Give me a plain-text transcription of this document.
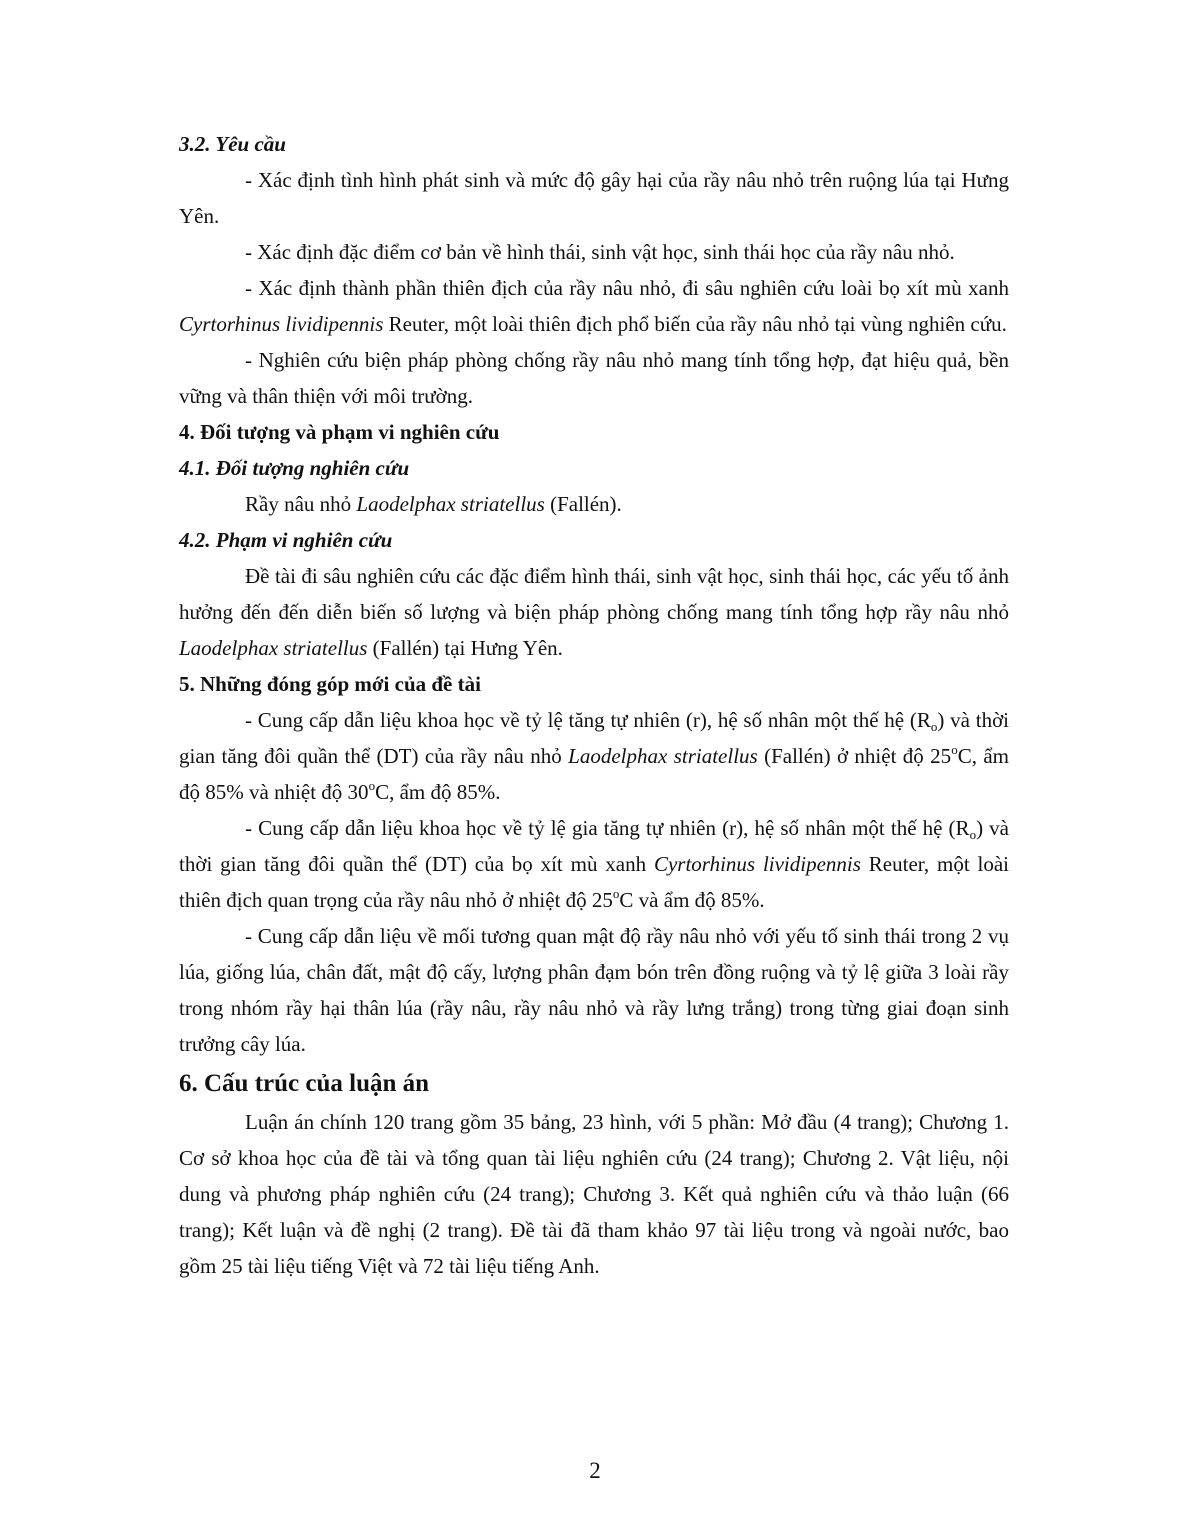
3.2. Yêu cầu

- Xác định tình hình phát sinh và mức độ gây hại của rầy nâu nhỏ trên ruộng lúa tại Hưng Yên.

- Xác định đặc điểm cơ bản về hình thái, sinh vật học, sinh thái học của rầy nâu nhỏ.

- Xác định thành phần thiên địch của rầy nâu nhỏ, đi sâu nghiên cứu loài bọ xít mù xanh Cyrtorhinus lividipennis Reuter, một loài thiên địch phổ biến của rầy nâu nhỏ tại vùng nghiên cứu.

- Nghiên cứu biện pháp phòng chống rầy nâu nhỏ mang tính tổng hợp, đạt hiệu quả, bền vững và thân thiện với môi trường.

4. Đối tượng và phạm vi nghiên cứu
4.1. Đối tượng nghiên cứu

Rầy nâu nhỏ Laodelphax striatellus (Fallén).

4.2. Phạm vi nghiên cứu

Đề tài đi sâu nghiên cứu các đặc điểm hình thái, sinh vật học, sinh thái học, các yếu tố ảnh hưởng đến đến diễn biến số lượng và biện pháp phòng chống mang tính tổng hợp rầy nâu nhỏ Laodelphax striatellus (Fallén) tại Hưng Yên.

5. Những đóng góp mới của đề tài

- Cung cấp dẫn liệu khoa học về tỷ lệ tăng tự nhiên (r), hệ số nhân một thế hệ $(R_o)$ và thời gian tăng đôi quần thể (DT) của rầy nâu nhỏ Laodelphax striatellus (Fallén) ở nhiệt độ 25$^o$C, ẩm độ 85% và nhiệt độ 30$^o$C, ẩm độ 85%.

- Cung cấp dẫn liệu khoa học về tỷ lệ gia tăng tự nhiên (r), hệ số nhân một thế hệ $(R_o)$ và thời gian tăng đôi quần thể (DT) của bọ xít mù xanh Cyrtorhinus lividipennis Reuter, một loài thiên địch quan trọng của rầy nâu nhỏ ở nhiệt độ 25$^o$C và ẩm độ 85%.

- Cung cấp dẫn liệu về mối tương quan mật độ rầy nâu nhỏ với yếu tố sinh thái trong 2 vụ lúa, giống lúa, chân đất, mật độ cấy, lượng phân đạm bón trên đồng ruộng và tỷ lệ giữa 3 loài rầy trong nhóm rầy hại thân lúa (rầy nâu, rầy nâu nhỏ và rầy lưng trắng) trong từng giai đoạn sinh trưởng cây lúa.

6. Cấu trúc của luận án

Luận án chính 120 trang gồm 35 bảng, 23 hình, với 5 phần: Mở đầu (4 trang); Chương 1. Cơ sở khoa học của đề tài và tổng quan tài liệu nghiên cứu (24 trang); Chương 2. Vật liệu, nội dung và phương pháp nghiên cứu (24 trang); Chương 3. Kết quả nghiên cứu và thảo luận (66 trang); Kết luận và đề nghị (2 trang). Đề tài đã tham khảo 97 tài liệu trong và ngoài nước, bao gồm 25 tài liệu tiếng Việt và 72 tài liệu tiếng Anh.

2
